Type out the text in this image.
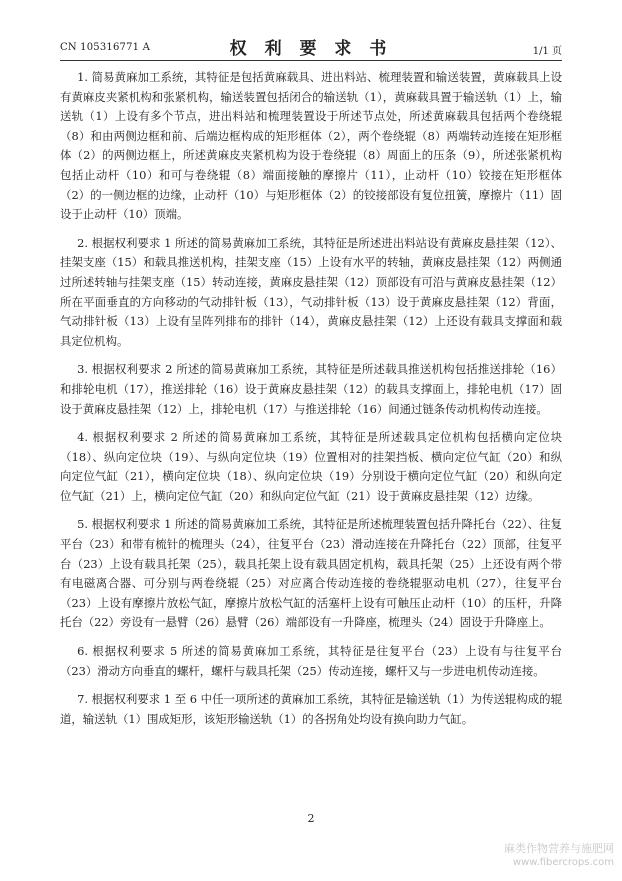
CN 105316771 A	权 利 要 求 书	1/1 页

1. 简易黄麻加工系统，其特征是包括黄麻载具、进出料站、梳理装置和输送装置，黄麻载具上设有黄麻皮夹紧机构和张紧机构，输送装置包括闭合的输送轨（1），黄麻载具置于输送轨（1）上，输送轨（1）上设有多个节点，进出料站和梳理装置设于所述节点处，所述黄麻载具包括两个卷绕辊（8）和由两侧边框和前、后端边框构成的矩形框体（2），两个卷绕辊（8）两端转动连接在矩形框体（2）的两侧边框上，所述黄麻皮夹紧机构为设于卷绕辊（8）周面上的压条（9），所述张紧机构包括止动杆（10）和可与卷绕辊（8）端面接触的摩擦片（11），止动杆（10）铰接在矩形框体（2）的一侧边框的边缘，止动杆（10）与矩形框体（2）的铰接部设有复位扭簧，摩擦片（11）固设于止动杆（10）顶端。

2. 根据权利要求 1 所述的简易黄麻加工系统，其特征是所述进出料站设有黄麻皮悬挂架（12）、挂架支座（15）和载具推送机构，挂架支座（15）上设有水平的转轴，黄麻皮悬挂架（12）两侧通过所述转轴与挂架支座（15）转动连接，黄麻皮悬挂架（12）顶部设有可沿与黄麻皮悬挂架（12）所在平面垂直的方向移动的气动排针板（13），气动排针板（13）设于黄麻皮悬挂架（12）背面，气动排针板（13）上设有呈阵列排布的排针（14），黄麻皮悬挂架（12）上还设有载具支撑面和载具定位机构。

3. 根据权利要求 2 所述的简易黄麻加工系统，其特征是所述载具推送机构包括推送排轮（16）和排轮电机（17），推送排轮（16）设于黄麻皮悬挂架（12）的载具支撑面上，排轮电机（17）固设于黄麻皮悬挂架（12）上，排轮电机（17）与推送排轮（16）间通过链条传动机构传动连接。

4. 根据权利要求 2 所述的简易黄麻加工系统，其特征是所述载具定位机构包括横向定位块（18）、纵向定位块（19）、与纵向定位块（19）位置相对的挂架挡板、横向定位气缸（20）和纵向定位气缸（21），横向定位块（18）、纵向定位块（19）分别设于横向定位气缸（20）和纵向定位气缸（21）上，横向定位气缸（20）和纵向定位气缸（21）设于黄麻皮悬挂架（12）边缘。

5. 根据权利要求 1 所述的简易黄麻加工系统，其特征是所述梳理装置包括升降托台（22）、往复平台（23）和带有梳针的梳理头（24），往复平台（23）滑动连接在升降托台（22）顶部，往复平台（23）上设有载具托架（25），载具托架上设有载具固定机构，载具托架（25）上还设有两个带有电磁离合器、可分别与两卷绕辊（25）对应离合传动连接的卷绕辊驱动电机（27），往复平台（23）上设有摩擦片放松气缸，摩擦片放松气缸的活塞杆上设有可触压止动杆（10）的压杆，升降托台（22）旁设有一悬臂（26）悬臂（26）端部设有一升降座，梳理头（24）固设于升降座上。

6. 根据权利要求 5 所述的简易黄麻加工系统，其特征是往复平台（23）上设有与往复平台（23）滑动方向垂直的螺杆，螺杆与载具托架（25）传动连接，螺杆又与一步进电机传动连接。

7. 根据权利要求 1 至 6 中任一项所述的黄麻加工系统，其特征是输送轨（1）为传送辊构成的辊道，输送轨（1）围成矩形，该矩形输送轨（1）的各拐角处均设有换向助力气缸。

2
麻类作物营养与施肥网
www.fibercrops.com
